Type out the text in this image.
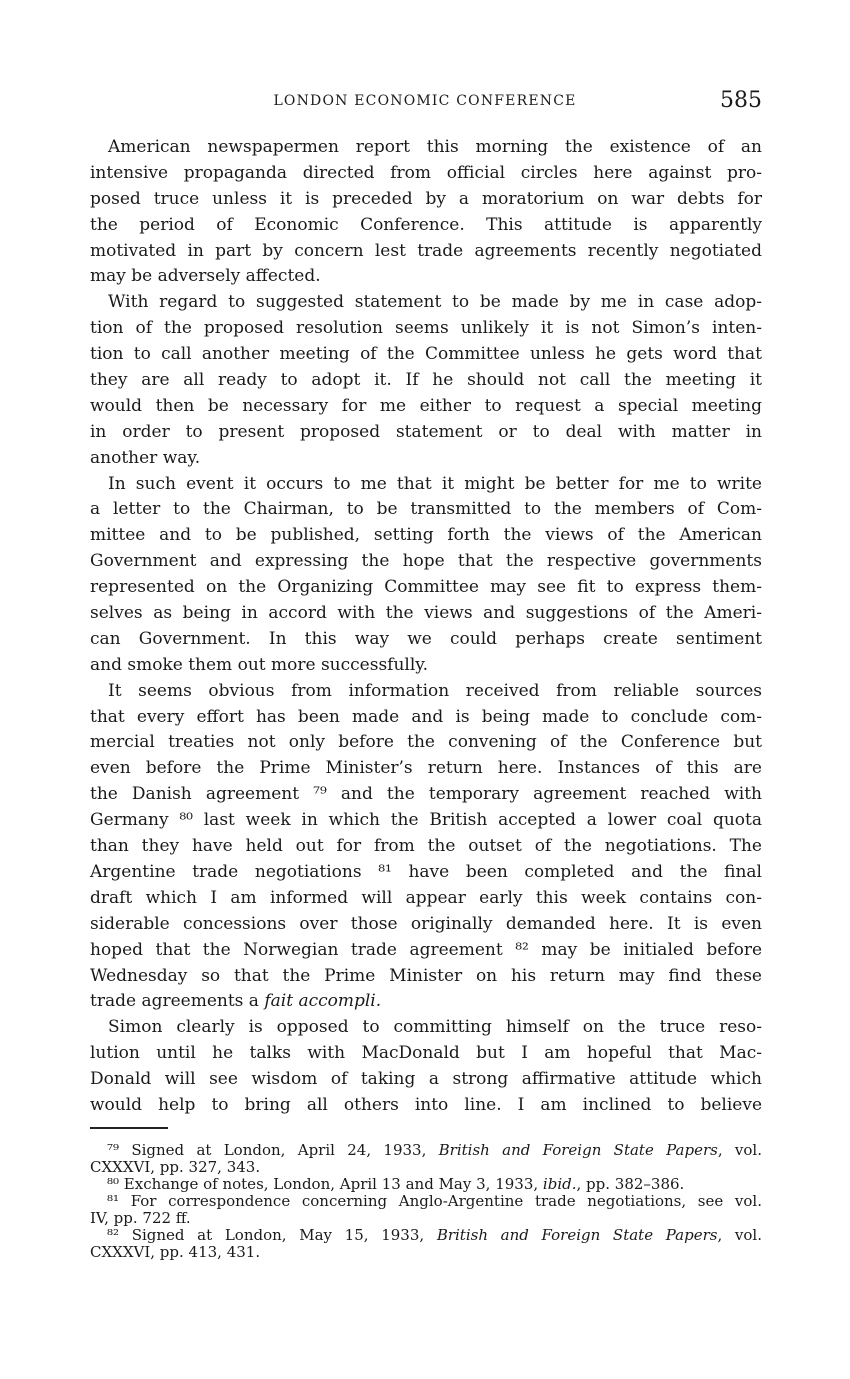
LONDON ECONOMIC CONFERENCE	585
American newspapermen report this morning the existence of an
intensive propaganda directed from official circles here against pro-
posed truce unless it is preceded by a moratorium on war debts for
the period of Economic Conference. This attitude is apparently
motivated in part by concern lest trade agreements recently negotiated
may be adversely affected.
With regard to suggested statement to be made by me in case adop-
tion of the proposed resolution seems unlikely it is not Simon’s inten-
tion to call another meeting of the Committee unless he gets word that
they are all ready to adopt it. If he should not call the meeting it
would then be necessary for me either to request a special meeting
in order to present proposed statement or to deal with matter in
another way.
In such event it occurs to me that it might be better for me to write
a letter to the Chairman, to be transmitted to the members of Com-
mittee and to be published, setting forth the views of the American
Government and expressing the hope that the respective governments
represented on the Organizing Committee may see fit to express them-
selves as being in accord with the views and suggestions of the Ameri-
can Government. In this way we could perhaps create sentiment
and smoke them out more successfully.
It seems obvious from information received from reliable sources
that every effort has been made and is being made to conclude com-
mercial treaties not only before the convening of the Conference but
even before the Prime Minister’s return here. Instances of this are
the Danish agreement ⁷⁹ and the temporary agreement reached with
Germany ⁸⁰ last week in which the British accepted a lower coal quota
than they have held out for from the outset of the negotiations. The
Argentine trade negotiations ⁸¹ have been completed and the final
draft which I am informed will appear early this week contains con-
siderable concessions over those originally demanded here. It is even
hoped that the Norwegian trade agreement ⁸² may be initialed before
Wednesday so that the Prime Minister on his return may find these
trade agreements a fait accompli.
Simon clearly is opposed to committing himself on the truce reso-
lution until he talks with MacDonald but I am hopeful that Mac-
Donald will see wisdom of taking a strong affirmative attitude which
would help to bring all others into line. I am inclined to believe
⁷⁹ Signed at London, April 24, 1933, British and Foreign State Papers, vol.
CXXXVI, pp. 327, 343.
⁸⁰ Exchange of notes, London, April 13 and May 3, 1933, ibid., pp. 382–386.
⁸¹ For correspondence concerning Anglo-Argentine trade negotiations, see vol.
IV, pp. 722 ff.
⁸² Signed at London, May 15, 1933, British and Foreign State Papers, vol.
CXXXVI, pp. 413, 431.
